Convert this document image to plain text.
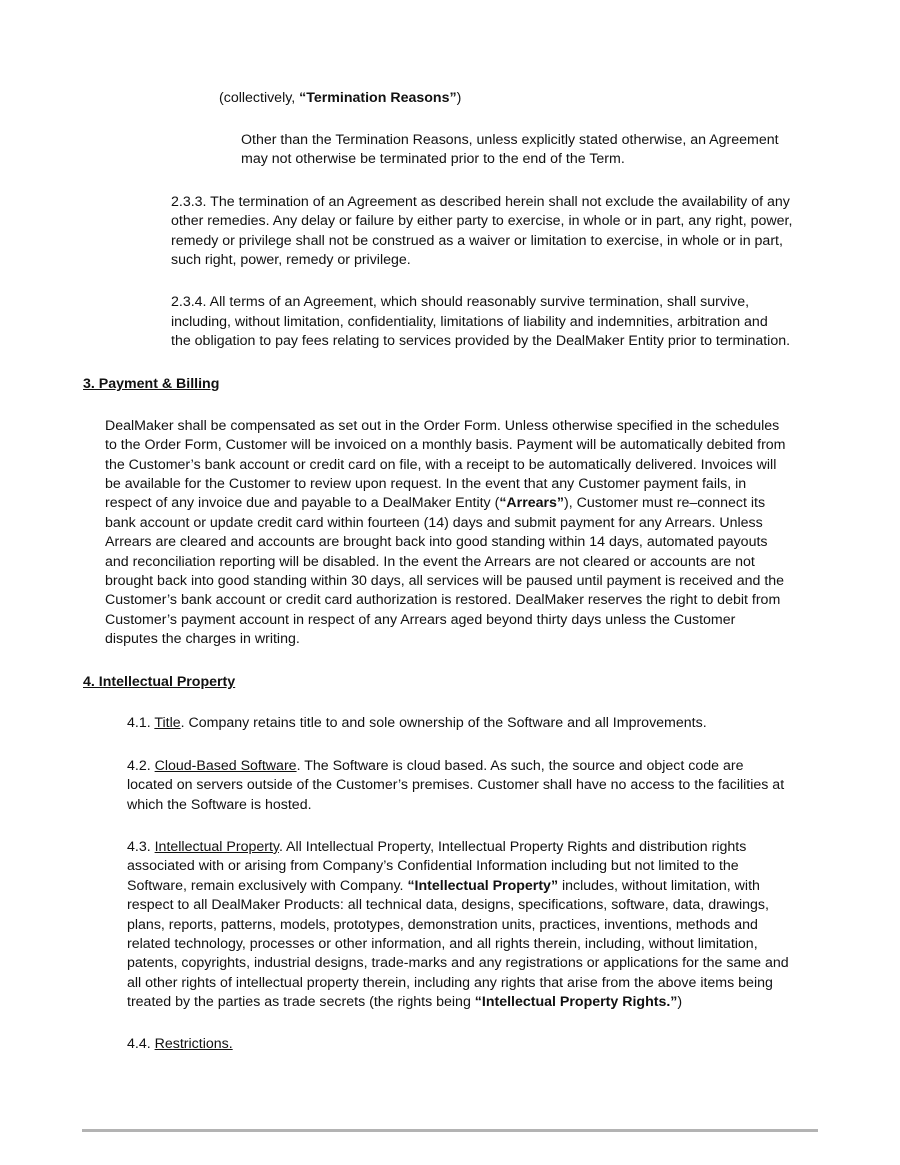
(collectively, “Termination Reasons”)
Other than the Termination Reasons, unless explicitly stated otherwise, an Agreement
may not otherwise be terminated prior to the end of the Term.
2.3.3. The termination of an Agreement as described herein shall not exclude the availability of any
other remedies. Any delay or failure by either party to exercise, in whole or in part, any right, power,
remedy or privilege shall not be construed as a waiver or limitation to exercise, in whole or in part,
such right, power, remedy or privilege.
2.3.4. All terms of an Agreement, which should reasonably survive termination, shall survive,
including, without limitation, confidentiality, limitations of liability and indemnities, arbitration and
the obligation to pay fees relating to services provided by the DealMaker Entity prior to termination.
3. Payment & Billing
DealMaker shall be compensated as set out in the Order Form. Unless otherwise specified in the schedules
to the Order Form, Customer will be invoiced on a monthly basis. Payment will be automatically debited from
the Customer’s bank account or credit card on file, with a receipt to be automatically delivered. Invoices will
be available for the Customer to review upon request. In the event that any Customer payment fails, in
respect of any invoice due and payable to a DealMaker Entity (“Arrears”), Customer must re–connect its
bank account or update credit card within fourteen (14) days and submit payment for any Arrears. Unless
Arrears are cleared and accounts are brought back into good standing within 14 days, automated payouts
and reconciliation reporting will be disabled. In the event the Arrears are not cleared or accounts are not
brought back into good standing within 30 days, all services will be paused until payment is received and the
Customer’s bank account or credit card authorization is restored. DealMaker reserves the right to debit from
Customer’s payment account in respect of any Arrears aged beyond thirty days unless the Customer
disputes the charges in writing.
4. Intellectual Property
4.1. Title. Company retains title to and sole ownership of the Software and all Improvements.
4.2. Cloud-Based Software. The Software is cloud based. As such, the source and object code are
located on servers outside of the Customer’s premises. Customer shall have no access to the facilities at
which the Software is hosted.
4.3. Intellectual Property. All Intellectual Property, Intellectual Property Rights and distribution rights
associated with or arising from Company’s Confidential Information including but not limited to the
Software, remain exclusively with Company. “Intellectual Property” includes, without limitation, with
respect to all DealMaker Products: all technical data, designs, specifications, software, data, drawings,
plans, reports, patterns, models, prototypes, demonstration units, practices, inventions, methods and
related technology, processes or other information, and all rights therein, including, without limitation,
patents, copyrights, industrial designs, trade-marks and any registrations or applications for the same and
all other rights of intellectual property therein, including any rights that arise from the above items being
treated by the parties as trade secrets (the rights being “Intellectual Property Rights.”)
4.4. Restrictions.
